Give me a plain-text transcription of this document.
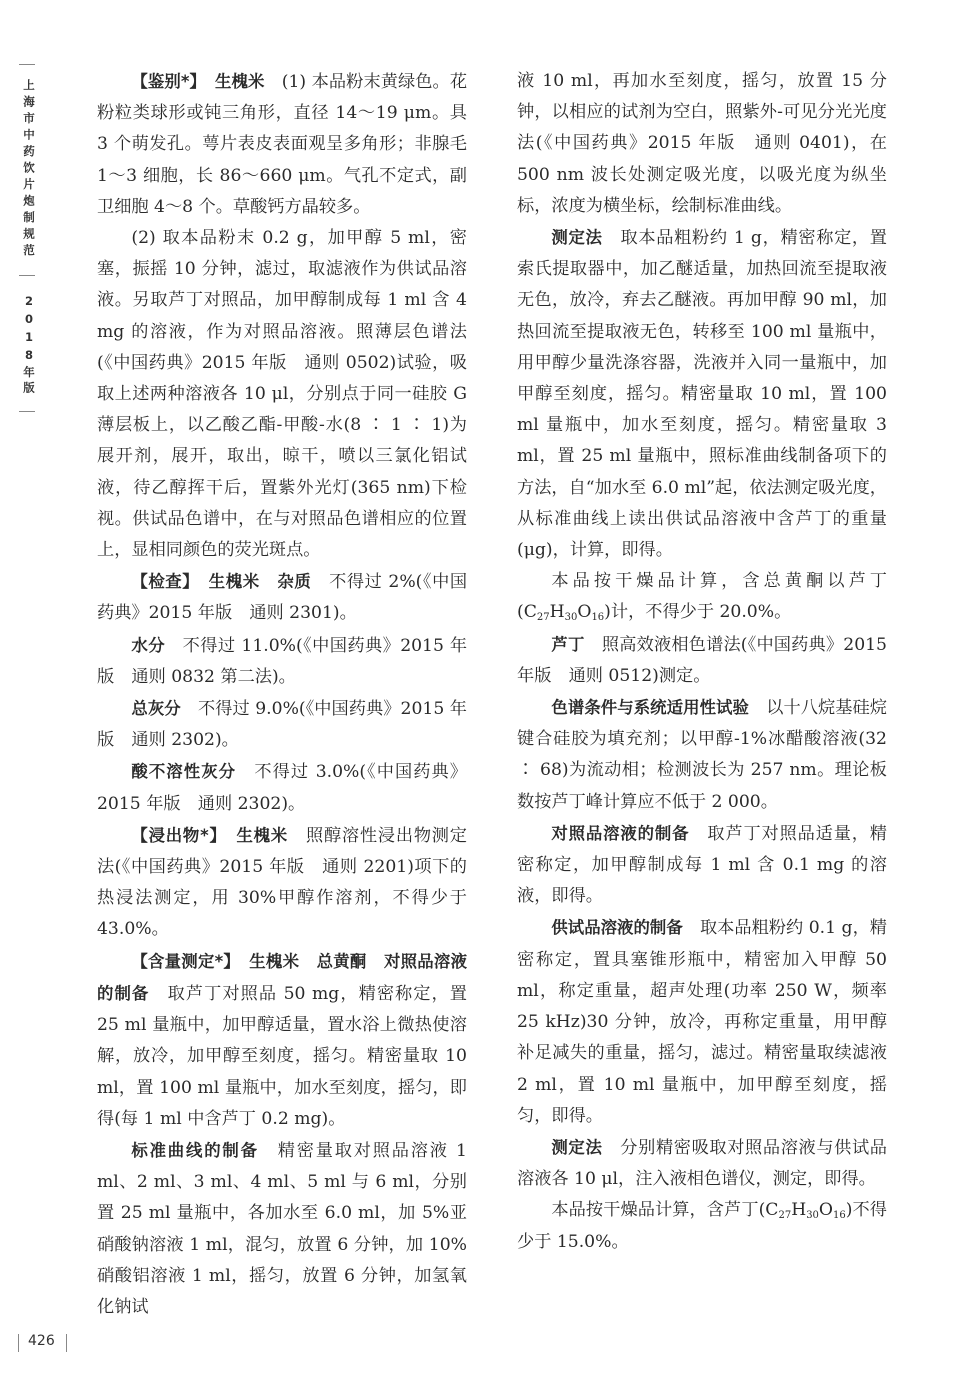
上海市中药饮片炮制规范
2018年版

【鉴别*】　 生槐米　 (1) 本品粉末黄绿色。花粉粒类球形或钝三角形，直径 14～19 μm。具 3 个萌发孔。萼片表皮表面观呈多角形；非腺毛 1～3 细胞，长 86～660 μm。气孔不定式，副卫细胞 4～8 个。草酸钙方晶较多。

(2) 取本品粉末 0.2 g，加甲醇 5 ml，密塞，振摇 10 分钟，滤过，取滤液作为供试品溶液。另取芦丁对照品，加甲醇制成每 1 ml 含 4 mg 的溶液，作为对照品溶液。照薄层色谱法(《中国药典》2015 年版　通则 0502)试验，吸取上述两种溶液各 10 μl，分别点于同一硅胶 G 薄层板上，以乙酸乙酯-甲酸-水(8 ∶ 1 ∶ 1)为展开剂，展开，取出，晾干，喷以三氯化铝试液，待乙醇挥干后，置紫外光灯(365 nm)下检视。供试品色谱中，在与对照品色谱相应的位置上，显相同颜色的荧光斑点。

【检查】　 生槐米　 杂质　 不得过 2%(《中国药典》2015 年版　通则 2301)。

水分　 不得过 11.0%(《中国药典》2015 年版　通则 0832 第二法)。

总灰分　 不得过 9.0%(《中国药典》2015 年版　通则 2302)。

酸不溶性灰分　 不得过 3.0%(《中国药典》2015 年版　通则 2302)。

【浸出物*】　 生槐米　 照醇溶性浸出物测定法(《中国药典》2015 年版　通则 2201)项下的热浸法测定，用 30%甲醇作溶剂，不得少于 43.0%。

【含量测定*】　 生槐米　 总黄酮　 对照品溶液的制备　 取芦丁对照品 50 mg，精密称定，置 25 ml 量瓶中，加甲醇适量，置水浴上微热使溶解，放冷，加甲醇至刻度，摇匀。精密量取 10 ml，置 100 ml 量瓶中，加水至刻度，摇匀，即得(每 1 ml 中含芦丁 0.2 mg)。

标准曲线的制备　 精密量取对照品溶液 1 ml、2 ml、3 ml、4 ml、5 ml 与 6 ml，分别置 25 ml 量瓶中，各加水至 6.0 ml，加 5%亚硝酸钠溶液 1 ml，混匀，放置 6 分钟，加 10%硝酸铝溶液 1 ml，摇匀，放置 6 分钟，加氢氧化钠试

液 10 ml，再加水至刻度，摇匀，放置 15 分钟，以相应的试剂为空白，照紫外-可见分光光度法(《中国药典》2015 年版　通则 0401)，在 500 nm 波长处测定吸光度，以吸光度为纵坐标，浓度为横坐标，绘制标准曲线。

测定法　 取本品粗粉约 1 g，精密称定，置索氏提取器中，加乙醚适量，加热回流至提取液无色，放冷，弃去乙醚液。再加甲醇 90 ml，加热回流至提取液无色，转移至 100 ml 量瓶中，用甲醇少量洗涤容器，洗液并入同一量瓶中，加甲醇至刻度，摇匀。精密量取 10 ml，置 100 ml 量瓶中，加水至刻度，摇匀。精密量取 3 ml，置 25 ml 量瓶中，照标准曲线制备项下的方法，自“加水至 6.0 ml”起，依法测定吸光度，从标准曲线上读出供试品溶液中含芦丁的重量(μg)，计算，即得。

本品按干燥品计算，含总黄酮以芦丁$(C_{27}H_{30}O_{16})$计，不得少于 20.0%。

芦丁　 照高效液相色谱法(《中国药典》2015 年版　通则 0512)测定。

色谱条件与系统适用性试验　 以十八烷基硅烷键合硅胶为填充剂；以甲醇-1%冰醋酸溶液(32 ∶ 68)为流动相；检测波长为 257 nm。理论板数按芦丁峰计算应不低于 2 000。

对照品溶液的制备　 取芦丁对照品适量，精密称定，加甲醇制成每 1 ml 含 0.1 mg 的溶液，即得。

供试品溶液的制备　 取本品粗粉约 0.1 g，精密称定，置具塞锥形瓶中，精密加入甲醇 50 ml，称定重量，超声处理(功率 250 W，频率 25 kHz)30 分钟，放冷，再称定重量，用甲醇补足减失的重量，摇匀，滤过。精密量取续滤液 2 ml，置 10 ml 量瓶中，加甲醇至刻度，摇匀，即得。

测定法　 分别精密吸取对照品溶液与供试品溶液各 10 μl，注入液相色谱仪，测定，即得。

本品按干燥品计算，含芦丁$(C_{27}H_{30}O_{16})$不得少于 15.0%。

426
